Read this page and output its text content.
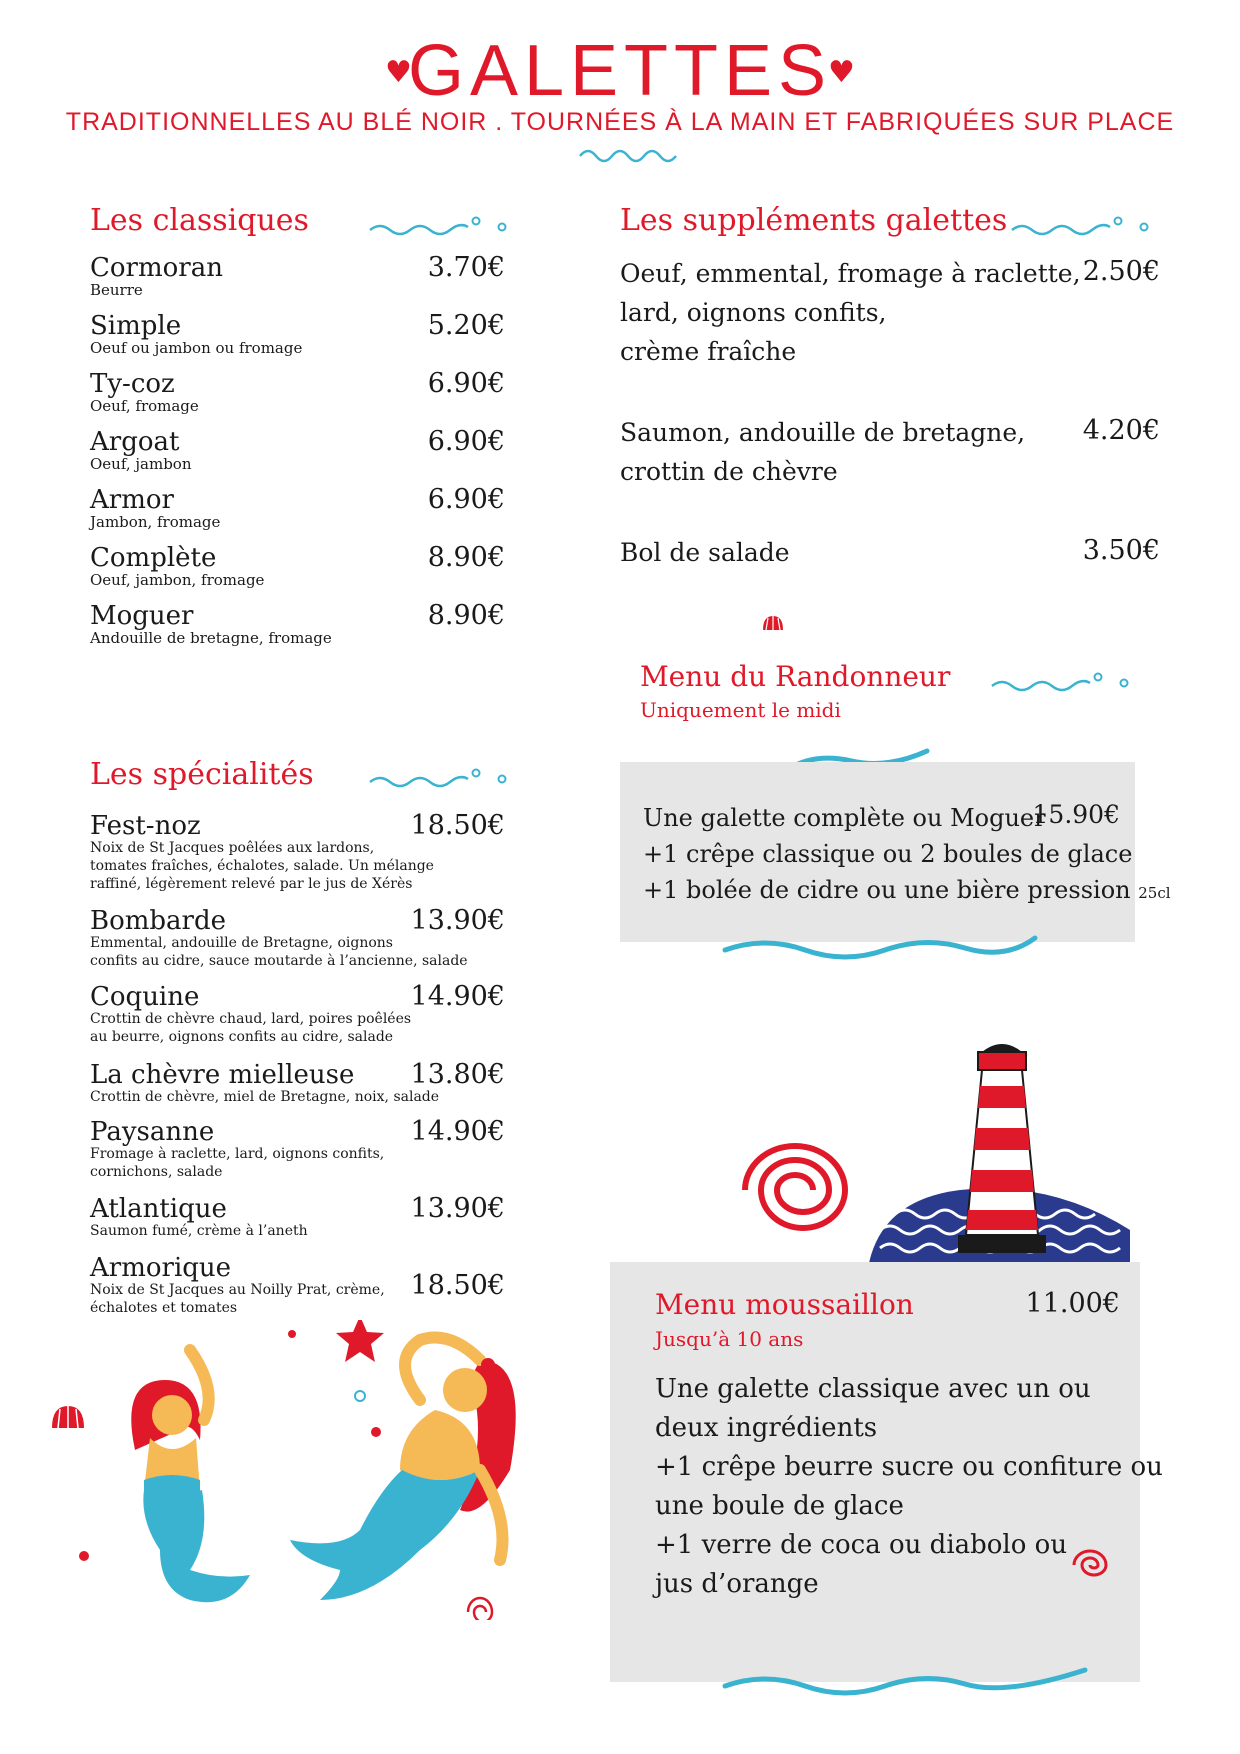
♥	♥
GALETTES
TRADITIONNELLES AU BLÉ NOIR . TOURNÉES À LA MAIN ET FABRIQUÉES SUR PLACE
Les classiques
Cormoran
Beurre
3.70€
Simple
Oeuf ou jambon ou fromage
5.20€
Ty-coz
Oeuf, fromage
6.90€
Argoat
Oeuf, jambon
6.90€
Armor
Jambon, fromage
6.90€
Complète
Oeuf, jambon, fromage
8.90€
Moguer
Andouille de bretagne, fromage
8.90€
Les spécialités
Fest-noz
Noix de St Jacques poêlées aux lardons,
tomates fraîches, échalotes, salade. Un mélange
raffiné, légèrement relevé par le jus de Xérès
18.50€
Bombarde
Emmental, andouille de Bretagne, oignons
confits au cidre, sauce moutarde à l’ancienne, salade
13.90€
Coquine
Crottin de chèvre chaud, lard, poires poêlées
au beurre, oignons confits au cidre, salade
14.90€
La chèvre mielleuse
Crottin de chèvre, miel de Bretagne, noix, salade
13.80€
Paysanne
Fromage à raclette, lard, oignons confits,
cornichons, salade
14.90€
Atlantique
Saumon fumé, crème à l’aneth
13.90€
Armorique
Noix de St Jacques au Noilly Prat, crème,
échalotes et tomates
18.50€
Les suppléments galettes
Oeuf, emmental, fromage à raclette,
lard, oignons confits,
crème fraîche
2.50€
Saumon, andouille de bretagne,
crottin de chèvre
4.20€
Bol de salade	3.50€
Menu du Randonneur
Uniquement le midi
Une galette complète ou Moguer
15.90€
+1 crêpe classique ou 2 boules de glace
+1 bolée de cidre ou une bière pression 25cl
Menu moussaillon
Jusqu’à 10 ans
11.00€
Une galette classique avec un ou
deux ingrédients
+1 crêpe beurre sucre ou confiture ou
une boule de glace
+1 verre de coca ou diabolo ou
jus d’orange
